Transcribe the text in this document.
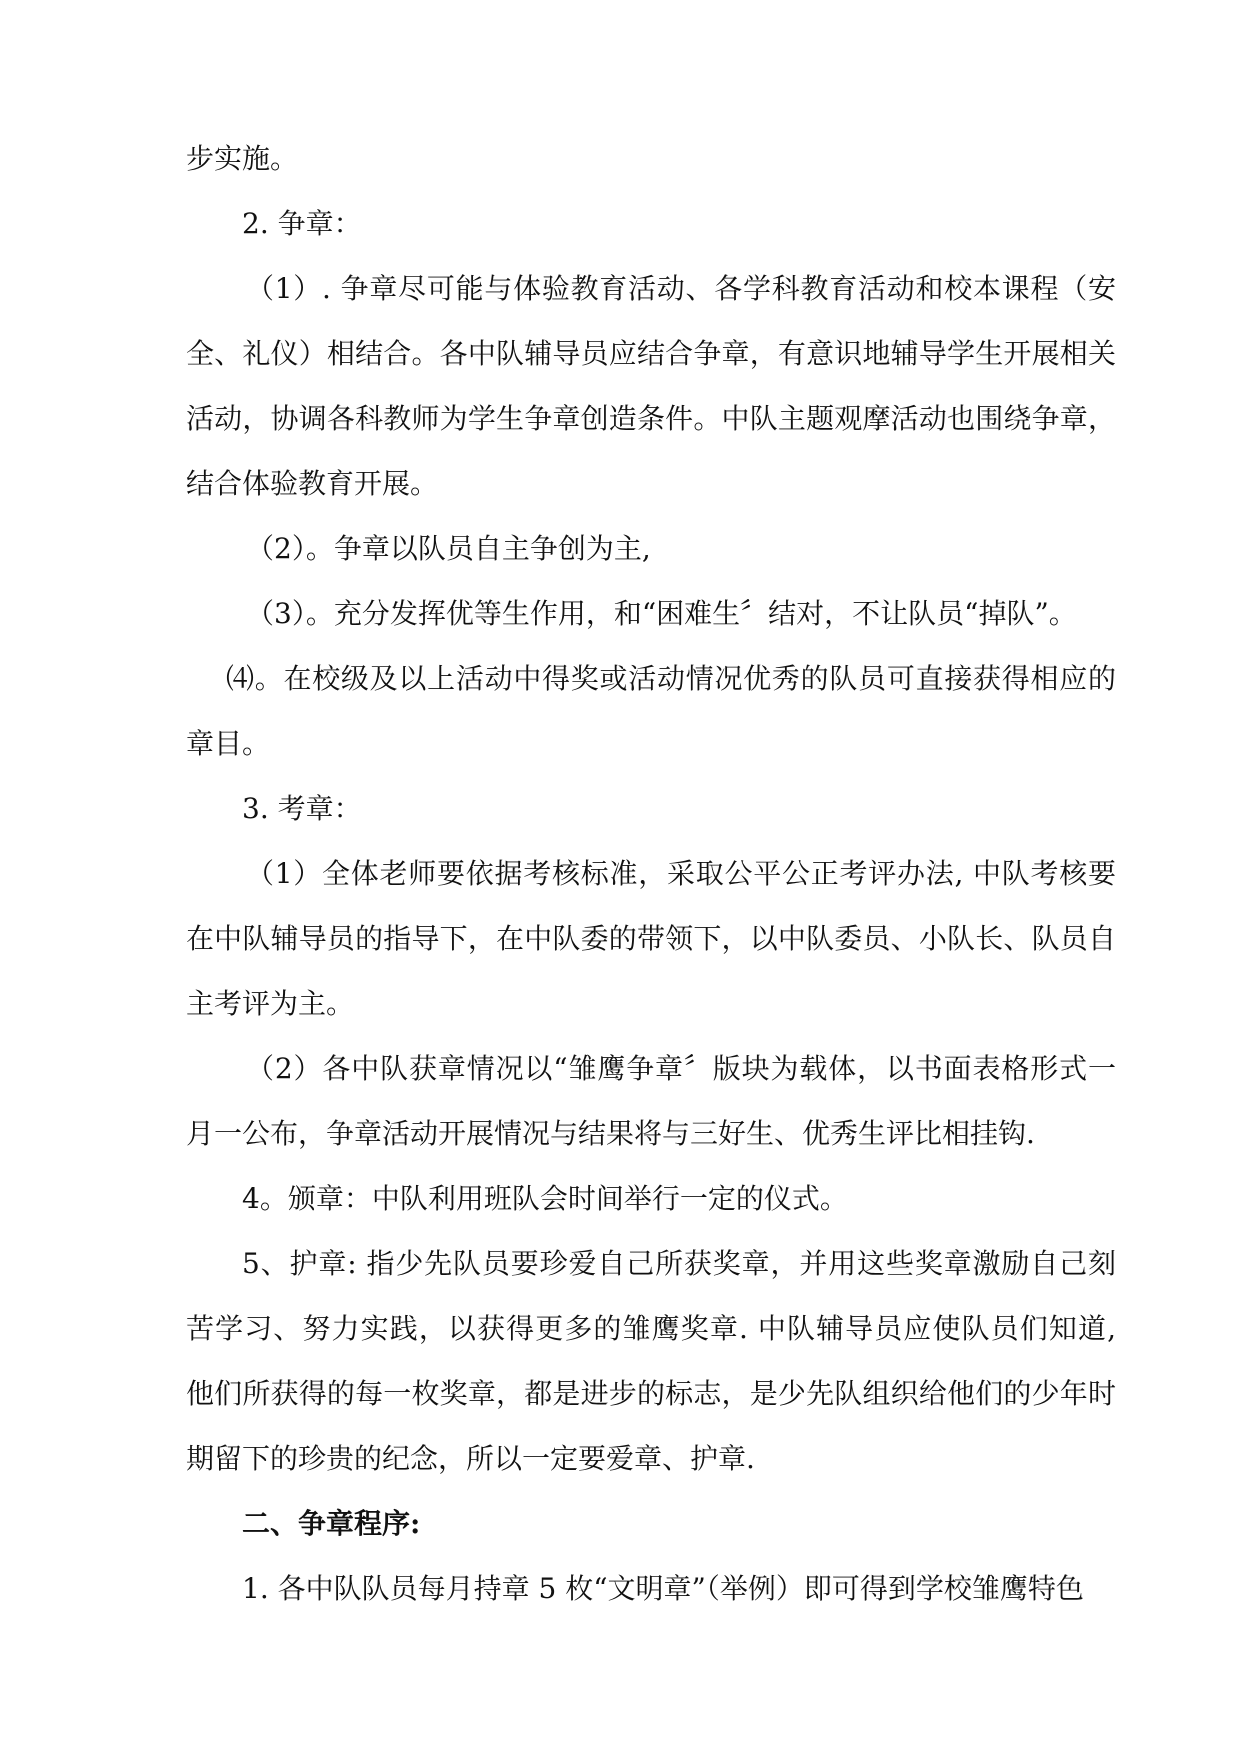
步实施。

2. 争章：

（1）. 争章尽可能与体验教育活动、各学科教育活动和校本课程（安全、礼仪）相结合。各中队辅导员应结合争章，有意识地辅导学生开展相关活动，协调各科教师为学生争章创造条件。中队主题观摩活动也围绕争章，结合体验教育开展。

（2）。争章以队员自主争创为主,

（3）。充分发挥优等生作用，和“困难生〞结对，不让队员“掉队”。

⑷。在校级及以上活动中得奖或活动情况优秀的队员可直接获得相应的章目。

3. 考章：

（1）全体老师要依据考核标准，采取公平公正考评办法, 中队考核要在中队辅导员的指导下，在中队委的带领下，以中队委员、小队长、队员自主考评为主。

（2）各中队获章情况以“雏鹰争章〞版块为载体，以书面表格形式一月一公布，争章活动开展情况与结果将与三好生、优秀生评比相挂钩.

4。颁章：中队利用班队会时间举行一定的仪式。

5、护章: 指少先队员要珍爱自己所获奖章，并用这些奖章激励自己刻苦学习、努力实践，以获得更多的雏鹰奖章. 中队辅导员应使队员们知道, 他们所获得的每一枚奖章，都是进步的标志，是少先队组织给他们的少年时期留下的珍贵的纪念，所以一定要爱章、护章.

二、争章程序:

1. 各中队队员每月持章 5 枚“文明章”（举例）即可得到学校雏鹰特色
